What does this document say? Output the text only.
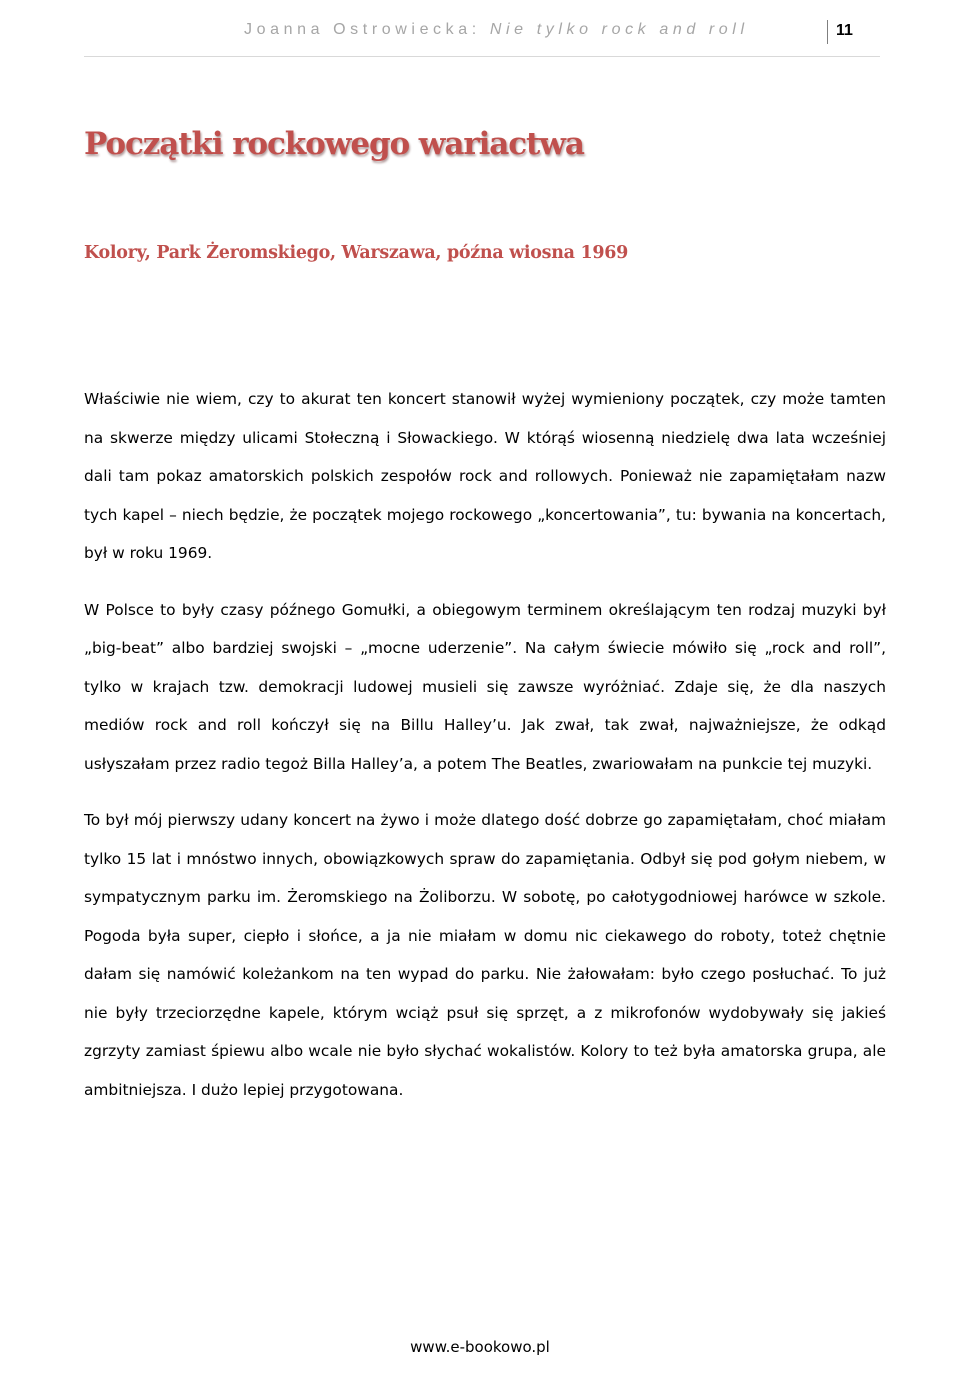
Joanna Ostrowiecka: Nie tylko rock and roll	11
Początki rockowego wariactwa
Kolory, Park Żeromskiego, Warszawa, późna wiosna 1969

Właściwie nie wiem, czy to akurat ten koncert stanowił wyżej wymieniony początek, czy może tamten na skwerze między ulicami Stołeczną i Słowackiego. W którąś wiosenną niedzielę dwa lata wcześniej dali tam pokaz amatorskich polskich zespołów rock and rollowych. Ponieważ nie zapamiętałam nazw tych kapel – niech będzie, że początek mojego rockowego „koncertowania”, tu: bywania na koncertach, był w roku 1969.

W Polsce to były czasy późnego Gomułki, a obiegowym terminem określającym ten rodzaj muzyki był „big-beat” albo bardziej swojski – „mocne uderzenie”. Na całym świecie mówiło się „rock and roll”, tylko w krajach tzw. demokracji ludowej musieli się zawsze wyróżniać. Zdaje się, że dla naszych mediów rock and roll kończył się na Billu Halley’u. Jak zwał, tak zwał, najważniejsze, że odkąd usłyszałam przez radio tegoż Billa Halley’a, a potem The Beatles, zwariowałam na punkcie tej muzyki.

To był mój pierwszy udany koncert na żywo i może dlatego dość dobrze go zapamiętałam, choć miałam tylko 15 lat i mnóstwo innych, obowiązkowych spraw do zapamiętania. Odbył się pod gołym niebem, w sympatycznym parku im. Żeromskiego na Żoliborzu. W sobotę, po całotygodniowej harówce w szkole. Pogoda była super, ciepło i słońce, a ja nie miałam w domu nic ciekawego do roboty, toteż chętnie dałam się namówić koleżankom na ten wypad do parku. Nie żałowałam: było czego posłuchać. To już nie były trzeciorzędne kapele, którym wciąż psuł się sprzęt, a z mikrofonów wydobywały się jakieś zgrzyty zamiast śpiewu albo wcale nie było słychać wokalistów. Kolory to też była amatorska grupa, ale ambitniejsza. I dużo lepiej przygotowana.

www.e-bookowo.pl
